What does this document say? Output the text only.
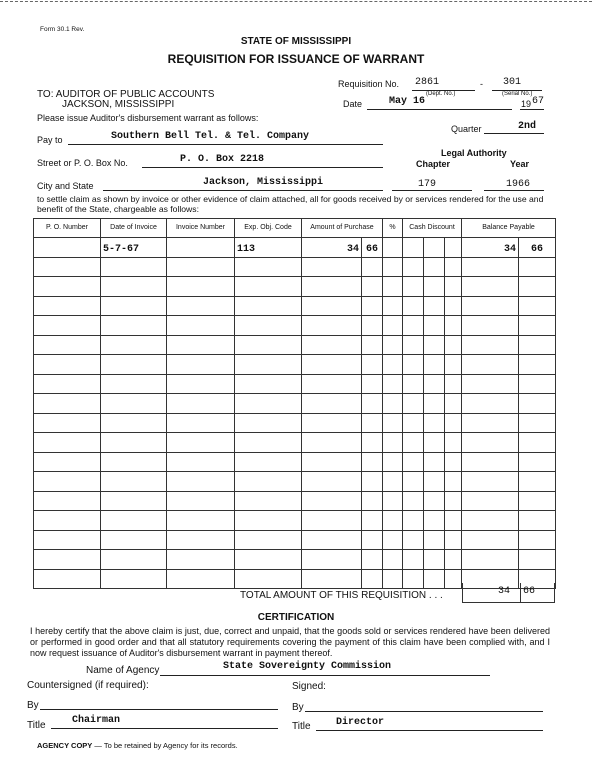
Form 30.1 Rev.
STATE OF MISSISSIPPI
REQUISITION FOR ISSUANCE OF WARRANT
Requisition No. 2861	- 301
(Dept. No.)	(Serial No.)
Date	May 16	19 67
Quarter	2nd
TO: AUDITOR OF PUBLIC ACCOUNTS
JACKSON, MISSISSIPPI
Please issue Auditor's disbursement warrant as follows:
Pay to	Southern Bell Tel. & Tel. Company
Legal Authority
Chapter	Year
Street or P. O. Box No.	P. O. Box 2218
City and State	Jackson, Mississippi	179	1966
to settle claim as shown by invoice or other evidence of claim attached, all for goods received by or services rendered for the use and benefit of the State, chargeable as follows:
P. O. Number	Date of Invoice	Invoice Number	Exp. Obj. Code	Amount of Purchase		%	Cash Discount			Balance Payable	
	5-7-67		113	34	66					34	66

TOTAL AMOUNT OF THIS REQUISITION . . .	34 66
CERTIFICATION
I hereby certify that the above claim is just, due, correct and unpaid, that the goods sold or services rendered have been delivered or performed in good order and that all statutory requirements covering the payment of this claim have been complied with, and I now request issuance of Auditor's disbursement warrant in payment thereof.
Name of Agency	State Sovereignty Commission
Countersigned (if required):	Signed:
By	By
Title	Chairman
Title	Director
AGENCY COPY — To be retained by Agency for its records.
